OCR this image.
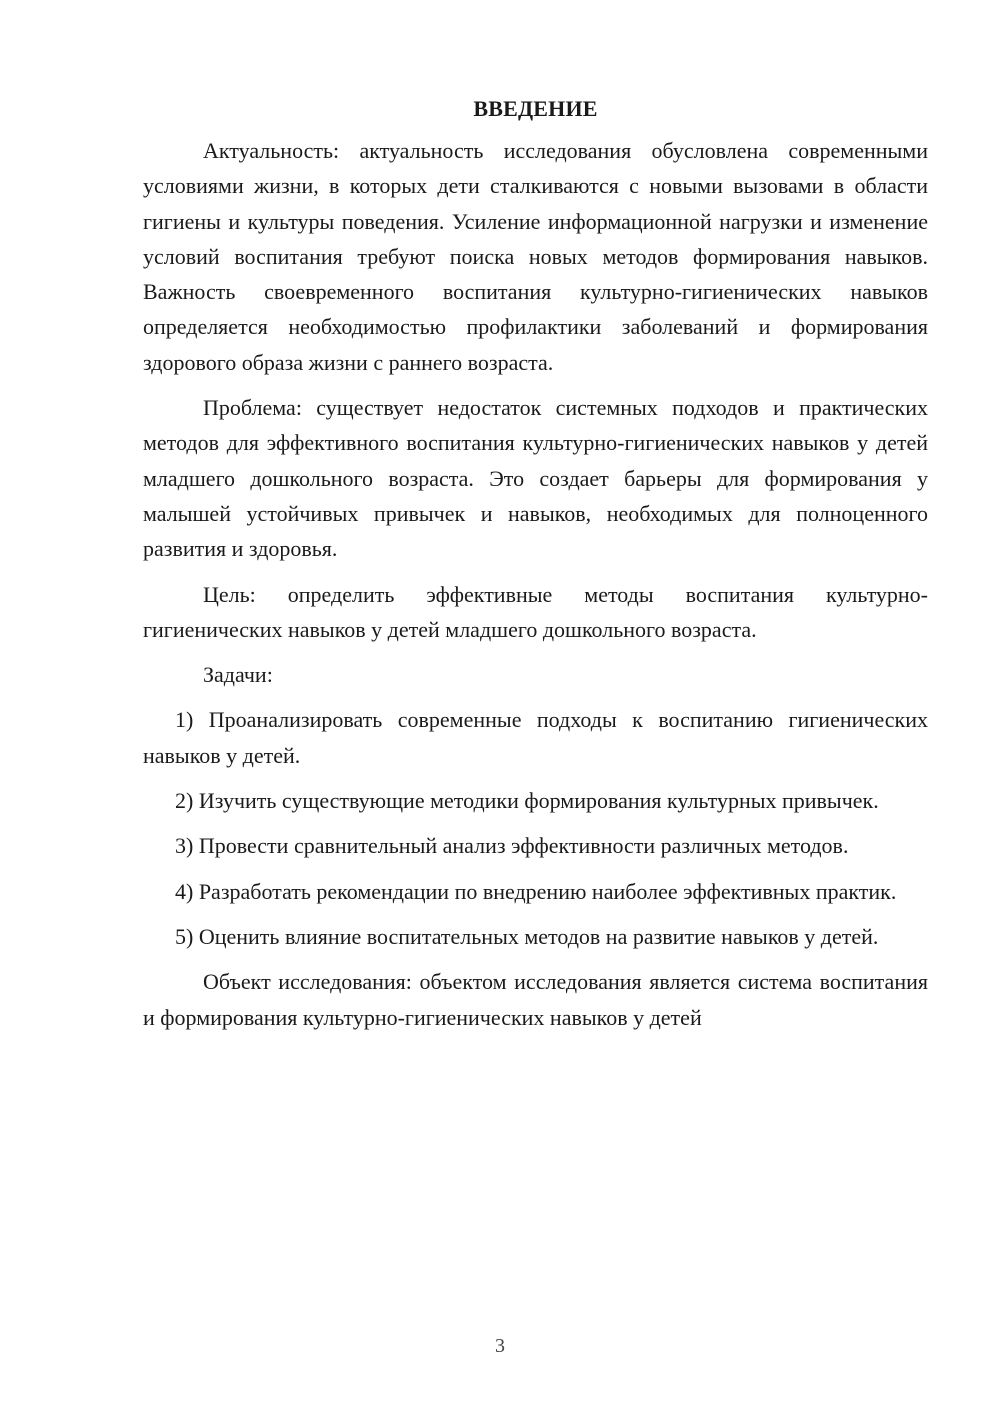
ВВЕДЕНИЕ

Актуальность: актуальность исследования обусловлена современными условиями жизни, в которых дети сталкиваются с новыми вызовами в области гигиены и культуры поведения. Усиление информационной нагрузки и изменение условий воспитания требуют поиска новых методов формирования навыков. Важность своевременного воспитания культурно-гигиенических навыков определяется необходимостью профилактики заболеваний и формирования здорового образа жизни с раннего возраста.

Проблема: существует недостаток системных подходов и практических методов для эффективного воспитания культурно-гигиенических навыков у детей младшего дошкольного возраста. Это создает барьеры для формирования у малышей устойчивых привычек и навыков, необходимых для полноценного развития и здоровья.

Цель: определить эффективные методы воспитания культурно-гигиенических навыков у детей младшего дошкольного возраста.

Задачи:

1) Проанализировать современные подходы к воспитанию гигиенических навыков у детей.

2) Изучить существующие методики формирования культурных привычек.

3) Провести сравнительный анализ эффективности различных методов.

4) Разработать рекомендации по внедрению наиболее эффективных практик.

5) Оценить влияние воспитательных методов на развитие навыков у детей.

Объект исследования: объектом исследования является система воспитания и формирования культурно-гигиенических навыков у детей

3
